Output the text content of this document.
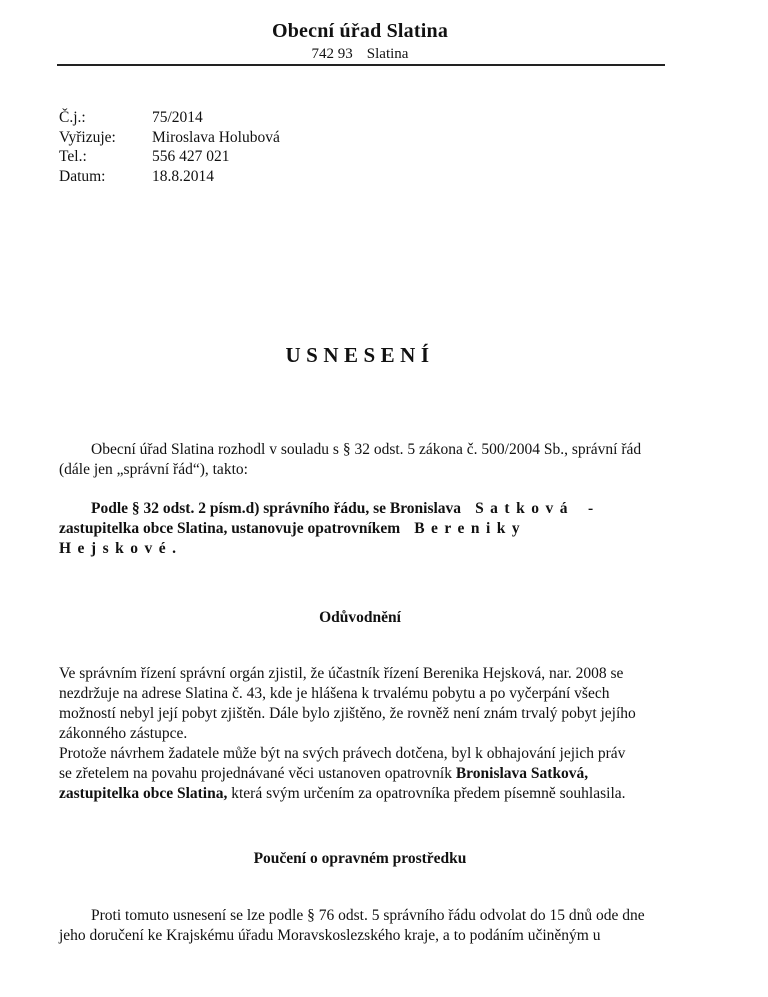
Obecní úřad Slatina
742 93 Slatina
Č.j.:	75/2014
Vyřizuje:	Miroslava Holubová
Tel.:	556 427 021
Datum:	18.8.2014
USNESENÍ
Obecní úřad Slatina rozhodl v souladu s § 32 odst. 5 zákona č. 500/2004 Sb., správní řád
(dále jen „správní řád“), takto:
Podle § 32 odst. 2 písm.d) správního řádu, se Bronislava Satková -
zastupitelka obce Slatina, ustanovuje opatrovníkem BerenikyHejskové.
Odůvodnění
Ve správním řízení správní orgán zjistil, že účastník řízení Berenika Hejsková, nar. 2008 se
nezdržuje na adrese Slatina č. 43, kde je hlášena k trvalému pobytu a po vyčerpání všech
možností nebyl její pobyt zjištěn. Dále bylo zjištěno, že rovněž není znám trvalý pobyt jejího
zákonného zástupce.
Protože návrhem žadatele může být na svých právech dotčena, byl k obhajování jejich práv
se zřetelem na povahu projednávané věci ustanoven opatrovník Bronislava Satková,
zastupitelka obce Slatina, která svým určením za opatrovníka předem písemně souhlasila.
Poučení o opravném prostředku
Proti tomuto usnesení se lze podle § 76 odst. 5 správního řádu odvolat do 15 dnů ode dne
jeho doručení ke Krajskému úřadu Moravskoslezského kraje, a to podáním učiněným u
